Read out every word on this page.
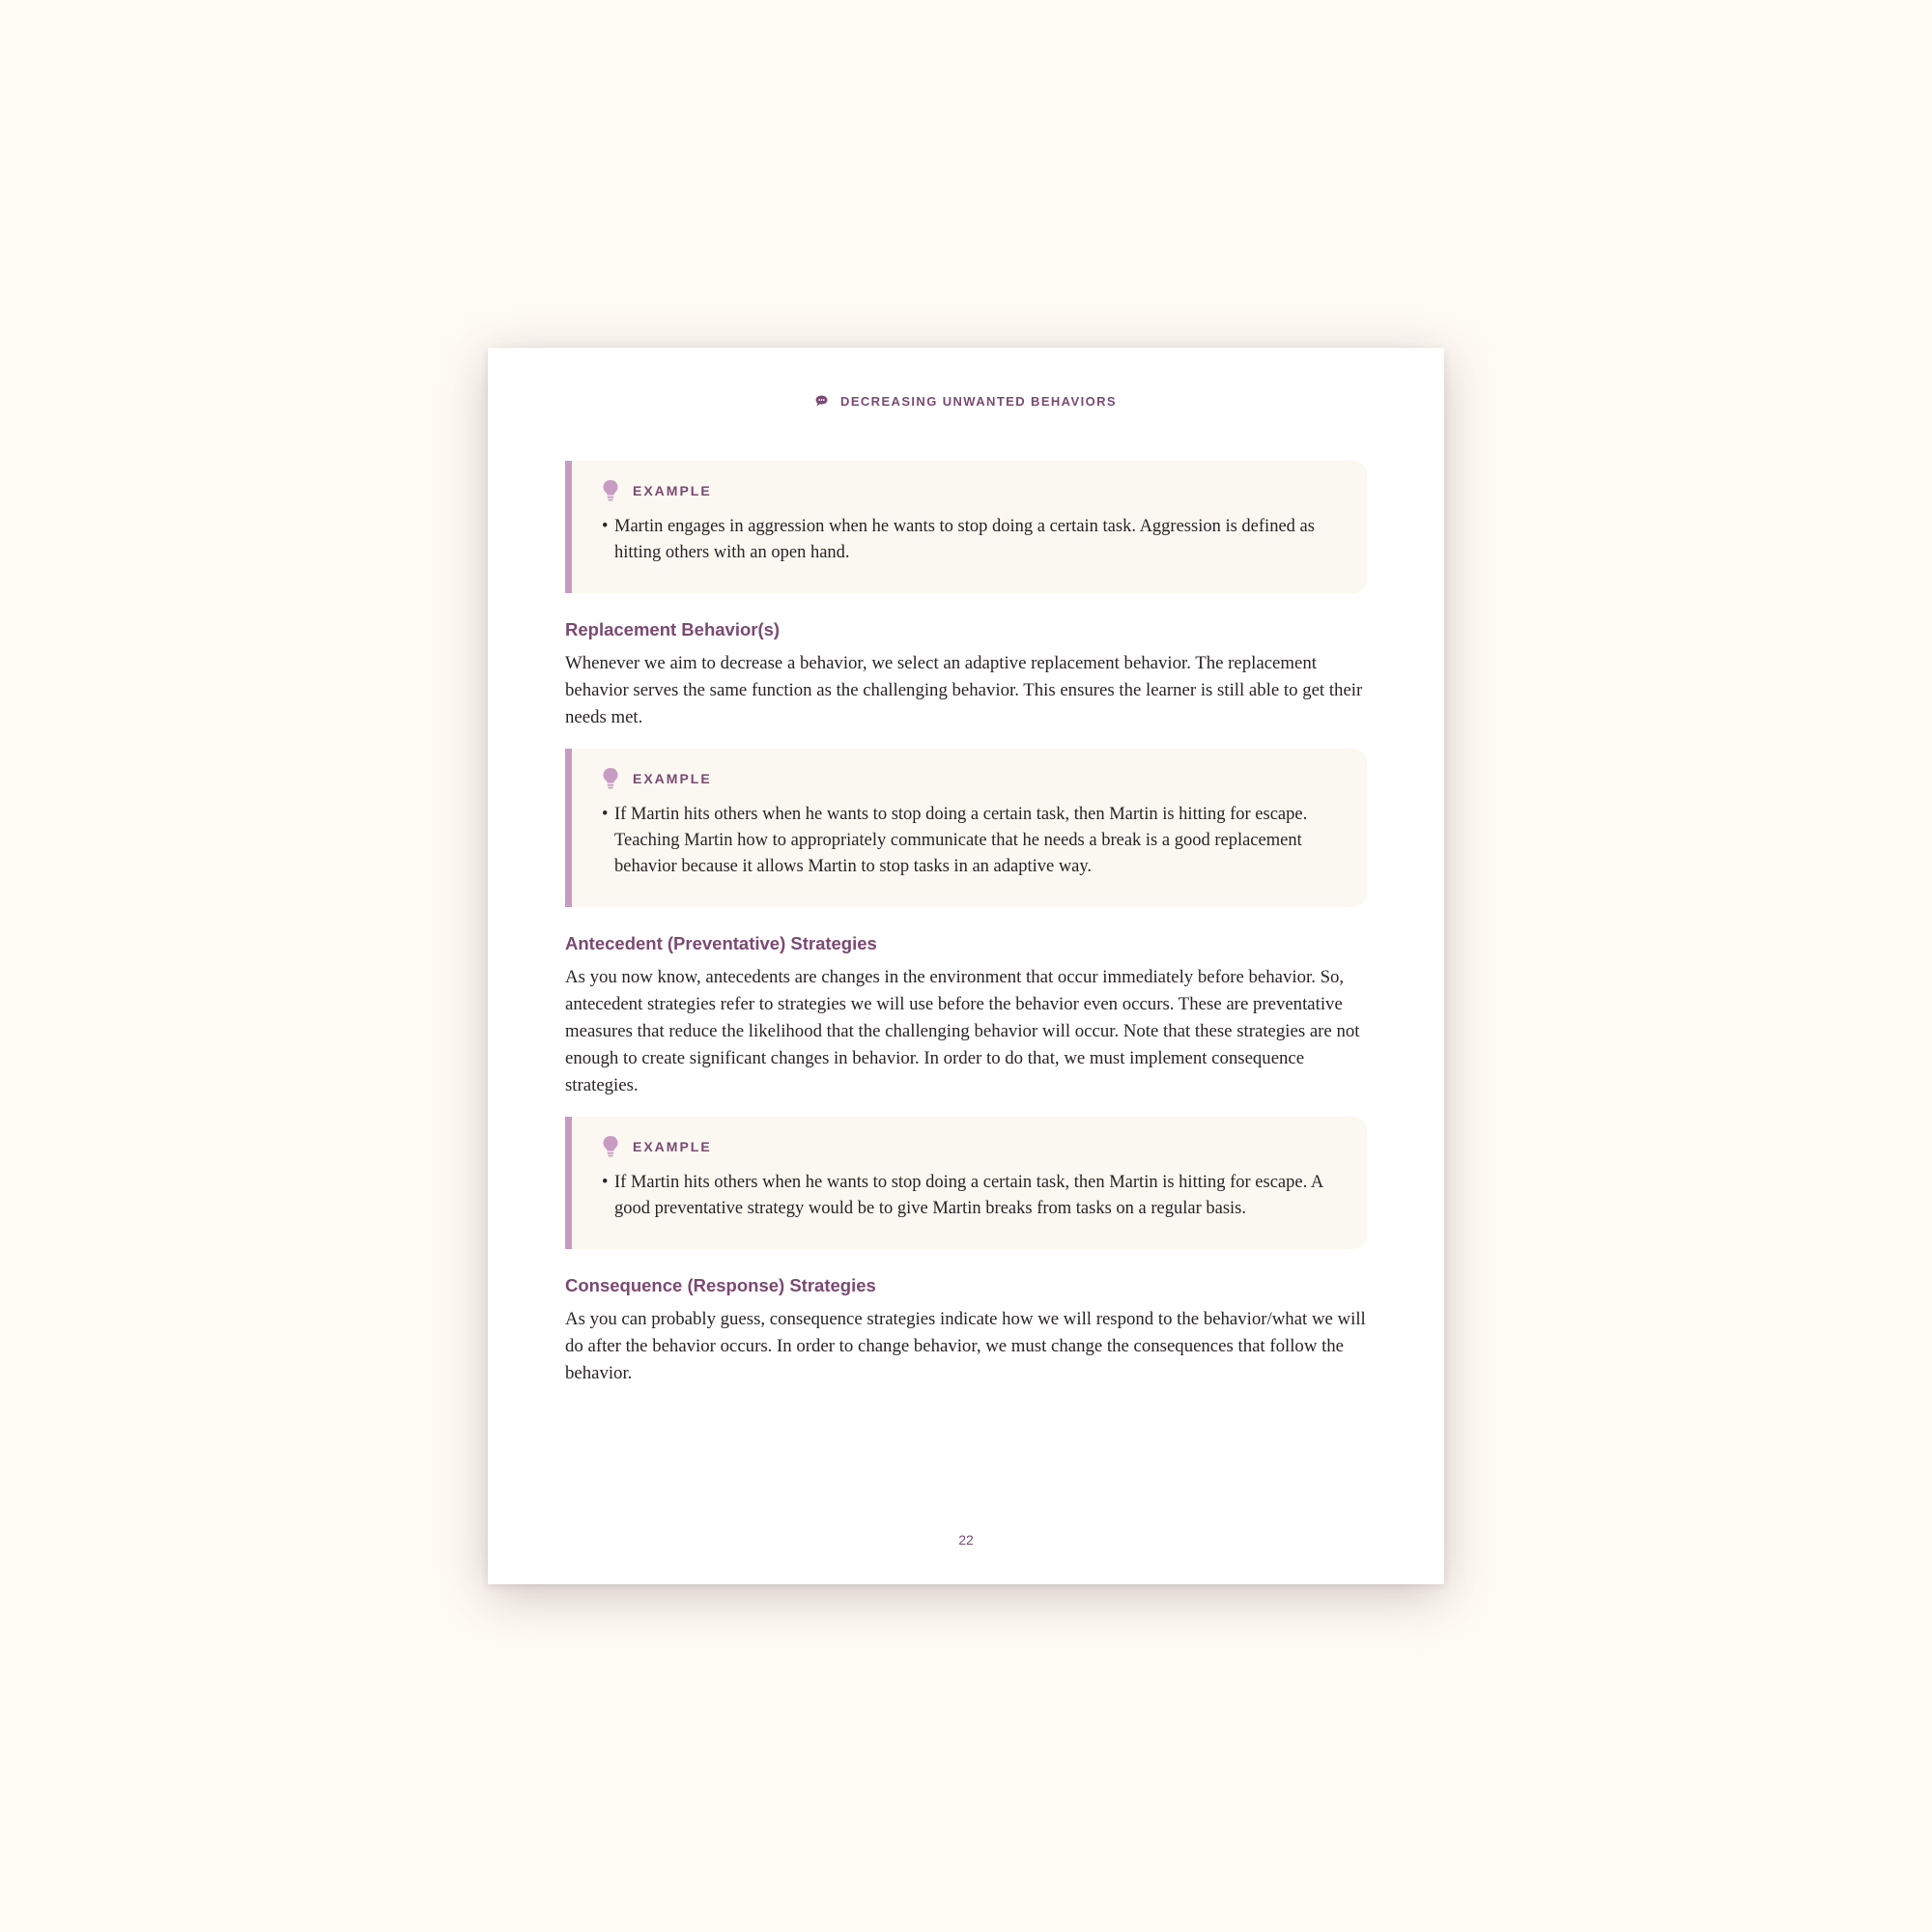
DECREASING UNWANTED BEHAVIORS
EXAMPLE
• Martin engages in aggression when he wants to stop doing a certain task. Aggression is defined as hitting others with an open hand.
Replacement Behavior(s)

Whenever we aim to decrease a behavior, we select an adaptive replacement behavior. The replacement behavior serves the same function as the challenging behavior. This ensures the learner is still able to get their needs met.

EXAMPLE
• If Martin hits others when he wants to stop doing a certain task, then Martin is hitting for escape. Teaching Martin how to appropriately communicate that he needs a break is a good replacement behavior because it allows Martin to stop tasks in an adaptive way.
Antecedent (Preventative) Strategies

As you now know, antecedents are changes in the environment that occur immediately before behavior. So, antecedent strategies refer to strategies we will use before the behavior even occurs. These are preventative measures that reduce the likelihood that the challenging behavior will occur. Note that these strategies are not enough to create significant changes in behavior. In order to do that, we must implement consequence strategies.

EXAMPLE
• If Martin hits others when he wants to stop doing a certain task, then Martin is hitting for escape. A good preventative strategy would be to give Martin breaks from tasks on a regular basis.
Consequence (Response) Strategies

As you can probably guess, consequence strategies indicate how we will respond to the behavior/what we will do after the behavior occurs. In order to change behavior, we must change the consequences that follow the behavior.

22
